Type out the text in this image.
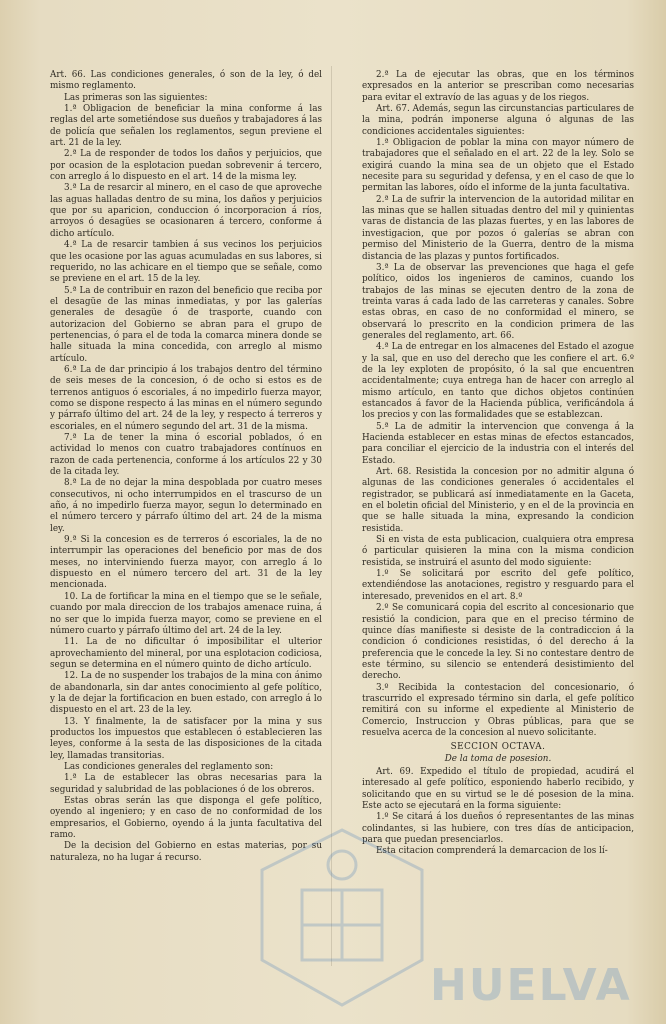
Art. 66. Las condiciones generales, ó son de la ley, ó del mismo reglamento.

Las primeras son las siguientes:

1.ª Obligacion de beneficiar la mina conforme á las reglas del arte sometiéndose sus dueños y trabajadores á las de policía que señalen los reglamentos, segun previene el art. 21 de la ley.

2.ª La de responder de todos los daños y perjuicios, que por ocasion de la esplotacion puedan sobrevenir á tercero, con arreglo á lo dispuesto en el art. 14 de la misma ley.

3.ª La de resarcir al minero, en el caso de que aproveche las aguas halladas dentro de su mina, los daños y perjuicios que por su aparicion, conduccion ó incorporacion á ríos, arroyos ó desagües se ocasionaren á tercero, conforme á dicho artículo.

4.ª La de resarcir tambien á sus vecinos los perjuicios que les ocasione por las aguas acumuladas en sus labores, si requerido, no las achicare en el tiempo que se señale, como se previene en el art. 15 de la ley.

5.ª La de contribuir en razon del beneficio que reciba por el desagüe de las minas inmediatas, y por las galerías generales de desagüe ó de trasporte, cuando con autorizacion del Gobierno se abran para el grupo de pertenencias, ó para el de toda la comarca minera donde se halle situada la mina concedida, con arreglo al mismo artículo.

6.ª La de dar principio á los trabajos dentro del término de seis meses de la concesion, ó de ocho si estos es de terrenos antiguos ó escoriales, á no impedirlo fuerza mayor, como se dispone respecto á las minas en el número segundo y párrafo último del art. 24 de la ley, y respecto á terreros y escoriales, en el número segundo del art. 31 de la misma.

7.ª La de tener la mina ó escorial poblados, ó en actividad lo menos con cuatro trabajadores contínuos en razon de cada pertenencia, conforme á los artículos 22 y 30 de la citada ley.

8.ª La de no dejar la mina despoblada por cuatro meses consecutivos, ni ocho interrumpidos en el trascurso de un año, á no impedirlo fuerza mayor, segun lo determinado en el número tercero y párrafo último del art. 24 de la misma ley.

9.ª Si la concesion es de terreros ó escoriales, la de no interrumpir las operaciones del beneficio por mas de dos meses, no interviniendo fuerza mayor, con arreglo á lo dispuesto en el número tercero del art. 31 de la ley mencionada.

10. La de fortificar la mina en el tiempo que se le señale, cuando por mala direccion de los trabajos amenace ruina, á no ser que lo impida fuerza mayor, como se previene en el número cuarto y párrafo último del art. 24 de la ley.

11. La de no dificultar ó imposibilitar el ulterior aprovechamiento del mineral, por una esplotacion codiciosa, segun se determina en el número quinto de dicho artículo.

12. La de no suspender los trabajos de la mina con ánimo de abandonarla, sin dar antes conocimiento al gefe político, y la de dejar la fortificacion en buen estado, con arreglo á lo dispuesto en el art. 23 de la ley.

13. Y finalmente, la de satisfacer por la mina y sus productos los impuestos que establecen ó establecieren las leyes, conforme á la sesta de las disposiciones de la citada ley, llamadas transitorias.

Las condiciones generales del reglamento son:

1.ª La de establecer las obras necesarias para la seguridad y salubridad de las poblaciones ó de los obreros.

Estas obras serán las que disponga el gefe político, oyendo al ingeniero; y en caso de no conformidad de los empresarios, el Gobierno, oyendo á la junta facultativa del ramo.

De la decision del Gobierno en estas materias, por su naturaleza, no ha lugar á recurso.

2.ª La de ejecutar las obras, que en los términos expresados en la anterior se prescriban como necesarias para evitar el extravío de las aguas y de los riegos.

Art. 67. Además, segun las circunstancias particulares de la mina, podrán imponerse alguna ó algunas de las condiciones accidentales siguientes:

1.ª Obligacion de poblar la mina con mayor número de trabajadores que el señalado en el art. 22 de la ley. Solo se exigirá cuando la mina sea de un objeto que el Estado necesite para su seguridad y defensa, y en el caso de que lo permitan las labores, oído el informe de la junta facultativa.

2.ª La de sufrir la intervencion de la autoridad militar en las minas que se hallen situadas dentro del mil y quinientas varas de distancia de las plazas fuertes, y en las labores de investigacion, que por pozos ó galerías se abran con permiso del Ministerio de la Guerra, dentro de la misma distancia de las plazas y puntos fortificados.

3.ª La de observar las prevenciones que haga el gefe político, oidos los ingenieros de caminos, cuando los trabajos de las minas se ejecuten dentro de la zona de treinta varas á cada lado de las carreteras y canales. Sobre estas obras, en caso de no conformidad el minero, se observará lo prescrito en la condicion primera de las generales del reglamento, art. 66.

4.ª La de entregar en los almacenes del Estado el azogue y la sal, que en uso del derecho que les confiere el art. 6.º de la ley exploten de propósito, ó la sal que encuentren accidentalmente; cuya entrega han de hacer con arreglo al mismo artículo, en tanto que dichos objetos continúen estancados á favor de la Hacienda pública, verificándola á los precios y con las formalidades que se establezcan.

5.ª La de admitir la intervencion que convenga á la Hacienda establecer en estas minas de efectos estancados, para conciliar el ejercicio de la industria con el interés del Estado.

Art. 68. Resistida la concesion por no admitir alguna ó algunas de las condiciones generales ó accidentales el registrador, se publicará así inmediatamente en la Gaceta, en el boletin oficial del Ministerio, y en el de la provincia en que se halle situada la mina, expresando la condicion resistida.

Si en vista de esta publicacion, cualquiera otra empresa ó particular quisieren la mina con la misma condicion resistida, se instruirá el asunto del modo siguiente:

1.º Se solicitará por escrito del gefe político, extendiéndose las anotaciones, registro y resguardo para el interesado, prevenidos en el art. 8.º

2.º Se comunicará copia del escrito al concesionario que resistió la condicion, para que en el preciso término de quince días manifieste si desiste de la contradiccion á la condicion ó condiciones resistidas, ó del derecho á la preferencia que le concede la ley. Si no contestare dentro de este término, su silencio se entenderá desistimiento del derecho.

3.º Recibida la contestacion del concesionario, ó trascurrido el expresado término sin darla, el gefe político remitirá con su informe el expediente al Ministerio de Comercio, Instruccion y Obras públicas, para que se resuelva acerca de la concesion al nuevo solicitante.

SECCION OCTAVA.

De la toma de posesion.

Art. 69. Expedido el título de propiedad, acudirá el interesado al gefe político, esponiendo haberlo recibido, y solicitando que en su virtud se le dé posesion de la mina. Este acto se ejecutará en la forma siguiente:

1.º Se citará á los dueños ó representantes de las minas colindantes, si las hubiere, con tres días de anticipacion, para que puedan presenciarlos.

Esta citacion comprenderá la demarcacion de los lí-

HUELVA
